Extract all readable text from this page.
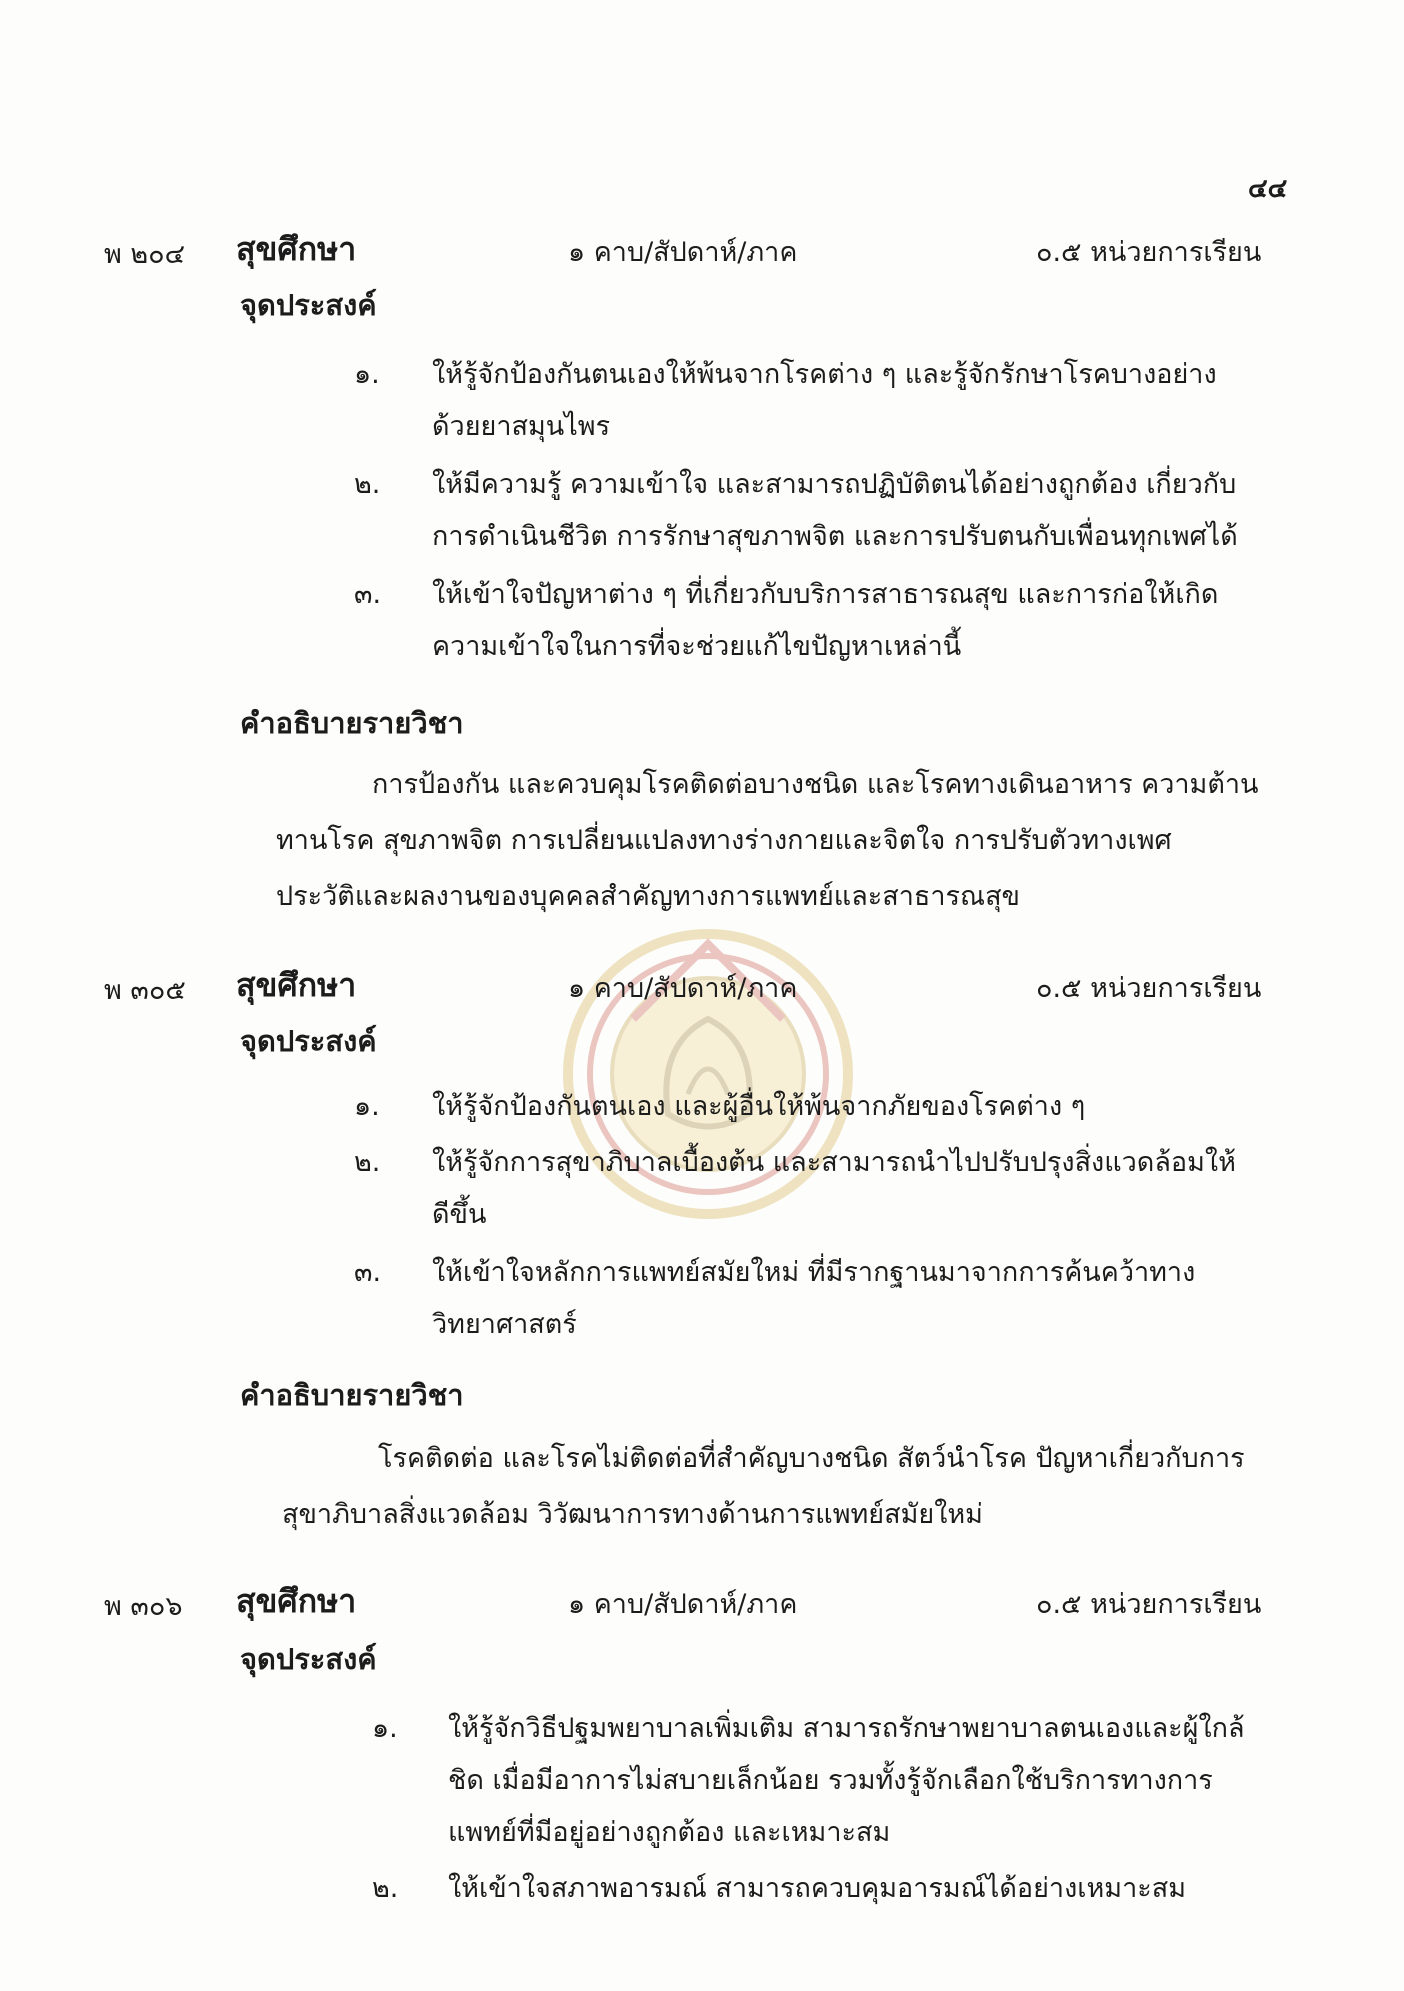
๔๔
พ ๒๐๔ สุขศึกษา	๑ คาบ/สัปดาห์/ภาค	๐.๕ หน่วยการเรียน
จุดประสงค์
๑. ให้รู้จักป้องกันตนเองให้พ้นจากโรคต่าง ๆ และรู้จักรักษาโรคบางอย่าง
ด้วยยาสมุนไพร
๒. ให้มีความรู้ ความเข้าใจ และสามารถปฏิบัติตนได้อย่างถูกต้อง เกี่ยวกับ
การดำเนินชีวิต การรักษาสุขภาพจิต และการปรับตนกับเพื่อนทุกเพศได้
๓. ให้เข้าใจปัญหาต่าง ๆ ที่เกี่ยวกับบริการสาธารณสุข และการก่อให้เกิด
ความเข้าใจในการที่จะช่วยแก้ไขปัญหาเหล่านี้
คำอธิบายรายวิชา
การป้องกัน และควบคุมโรคติดต่อบางชนิด และโรคทางเดินอาหาร ความต้าน
ทานโรค สุขภาพจิต การเปลี่ยนแปลงทางร่างกายและจิตใจ การปรับตัวทางเพศ
ประวัติและผลงานของบุคคลสำคัญทางการแพทย์และสาธารณสุข
พ ๓๐๕ สุขศึกษา	๑ คาบ/สัปดาห์/ภาค	๐.๕ หน่วยการเรียน
จุดประสงค์
๑. ให้รู้จักป้องกันตนเอง และผู้อื่นให้พ้นจากภัยของโรคต่าง ๆ
๒. ให้รู้จักการสุขาภิบาลเบื้องต้น และสามารถนำไปปรับปรุงสิ่งแวดล้อมให้
ดีขึ้น
๓. ให้เข้าใจหลักการแพทย์สมัยใหม่ ที่มีรากฐานมาจากการค้นคว้าทาง
วิทยาศาสตร์
คำอธิบายรายวิชา
โรคติดต่อ และโรคไม่ติดต่อที่สำคัญบางชนิด สัตว์นำโรค ปัญหาเกี่ยวกับการ
สุขาภิบาลสิ่งแวดล้อม วิวัฒนาการทางด้านการแพทย์สมัยใหม่
พ ๓๐๖ สุขศึกษา	๑ คาบ/สัปดาห์/ภาค	๐.๕ หน่วยการเรียน
จุดประสงค์
๑. ให้รู้จักวิธีปฐมพยาบาลเพิ่มเติม สามารถรักษาพยาบาลตนเองและผู้ใกล้
ชิด เมื่อมีอาการไม่สบายเล็กน้อย รวมทั้งรู้จักเลือกใช้บริการทางการ
แพทย์ที่มีอยู่อย่างถูกต้อง และเหมาะสม
๒. ให้เข้าใจสภาพอารมณ์ สามารถควบคุมอารมณ์ได้อย่างเหมาะสม
